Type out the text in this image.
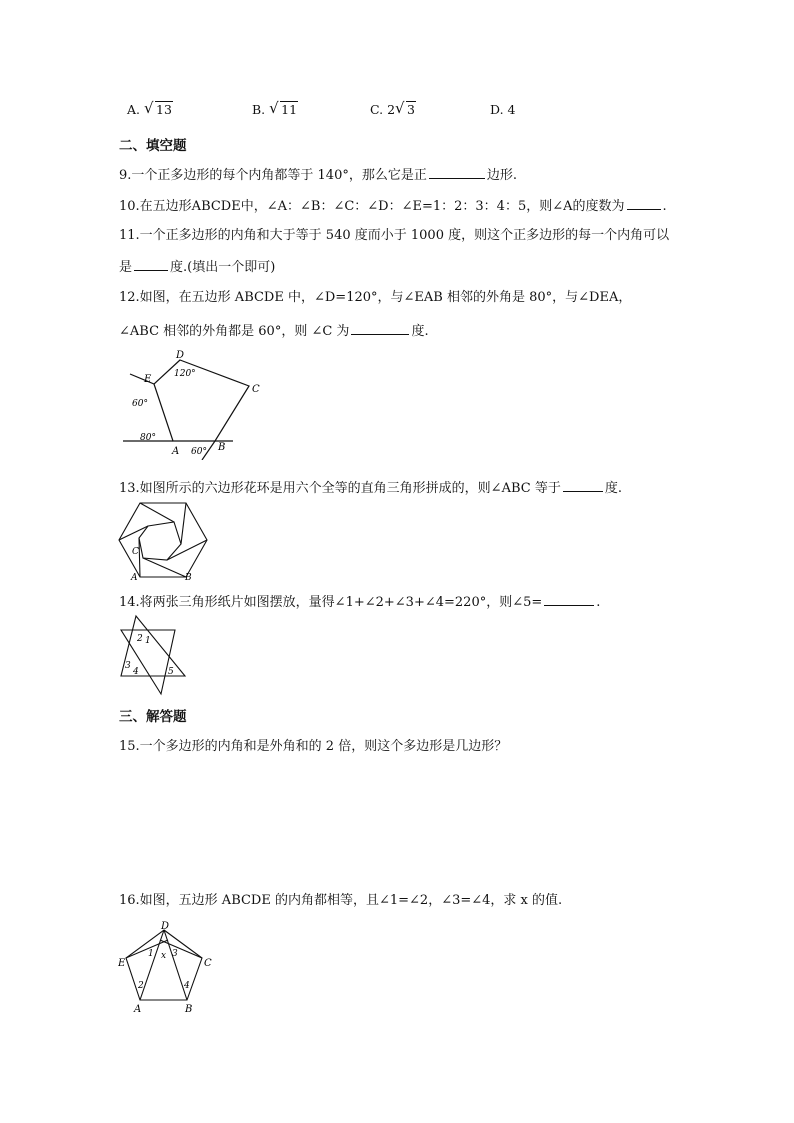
A. √ 13	B. √ 11	C. 2 √ 3	D. 4
二、填空题
9.一个正多边形的每个内角都等于 140°，那么它是正	边形.
10.在五边形ABCDE中，∠A：∠B：∠C：∠D：∠E=1：2：3：4：5，则∠A的度数为	.
11.一个正多边形的内角和大于等于 540 度而小于 1000 度，则这个正多边形的每一个内角可以
是	度.(填出一个即可)
12.如图，在五边形 ABCDE 中，∠D=120°，与∠EAB 相邻的外角是 80°，与∠DEA，
∠ABC 相邻的外角都是 60°，则 ∠C 为	度.
D
E
C
A	B
120°
60°
80°
60°
13.如图所示的六边形花环是用六个全等的直角三角形拼成的，则∠ABC 等于	度.
C
A	B
14.将两张三角形纸片如图摆放，量得∠1+∠2+∠3+∠4=220°，则∠5=	.
2 1
3
4	5
三、解答题
15.一个多边形的内角和是外角和的 2 倍，则这个多边形是几边形？
16.如图，五边形 ABCDE 的内角都相等，且∠1=∠2，∠3=∠4，求 x 的值.
D
E	C
A	B
1 3
x
2	4
